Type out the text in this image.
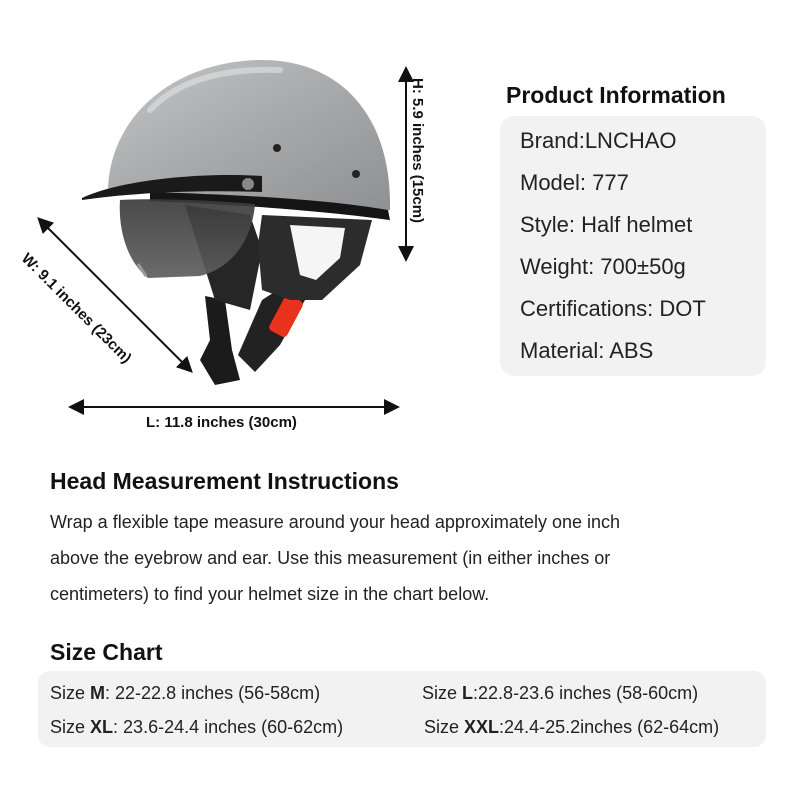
H: 5.9 inches (15cm)
W: 9.1 inches (23cm)
L: 11.8 inches (30cm)
Product Information
Brand:LNCHAO
Model: 777
Style: Half helmet
Weight: 700±50g
Certifications: DOT
Material: ABS
Head Measurement Instructions
Wrap a flexible tape measure around your head approximately one inch
above the eyebrow and ear. Use this measurement (in either inches or
centimeters) to find your helmet size in the chart below.
Size Chart
Size M: 22-22.8 inches (56-58cm)	Size L:22.8-23.6 inches (58-60cm)
Size XL: 23.6-24.4 inches (60-62cm)	Size XXL:24.4-25.2inches (62-64cm)
